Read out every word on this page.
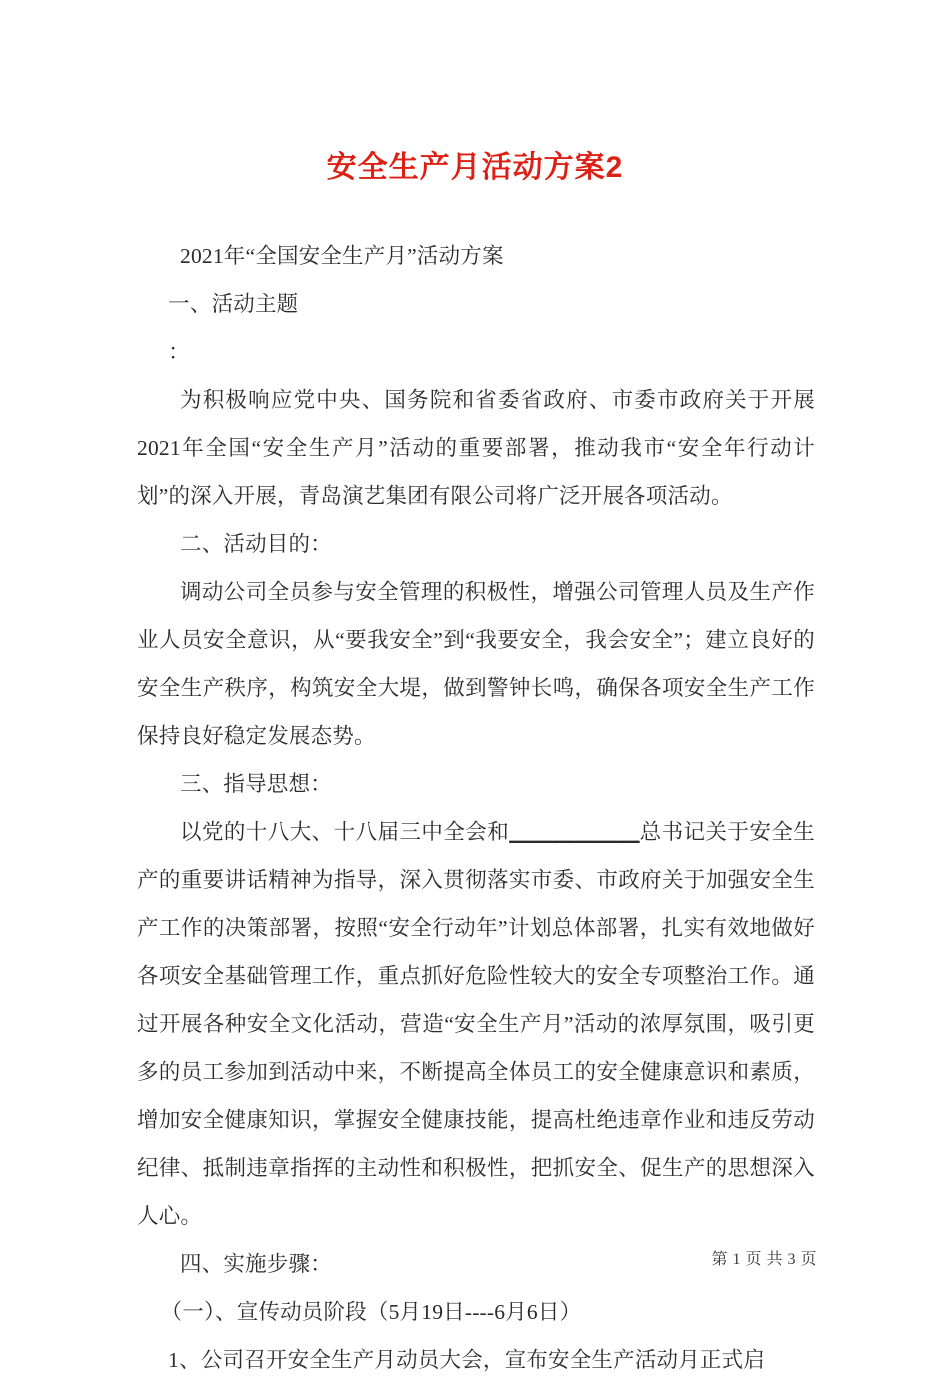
安全生产月活动方案2

2021年“全国安全生产月”活动方案

一、活动主题

：

为积极响应党中央、国务院和省委省政府、市委市政府关于开展2021年全国“安全生产月”活动的重要部署，推动我市“安全年行动计划”的深入开展，青岛演艺集团有限公司将广泛开展各项活动。

二、活动目的：

调动公司全员参与安全管理的积极性，增强公司管理人员及生产作业人员安全意识，从“要我安全”到“我要安全，我会安全”；建立良好的安全生产秩序，构筑安全大堤，做到警钟长鸣，确保各项安全生产工作保持良好稳定发展态势。

三、指导思想：

以党的十八大、十八届三中全会和＿＿＿＿＿＿总书记关于安全生产的重要讲话精神为指导，深入贯彻落实市委、市政府关于加强安全生产工作的决策部署，按照“安全行动年”计划总体部署，扎实有效地做好各项安全基础管理工作，重点抓好危险性较大的安全专项整治工作。通过开展各种安全文化活动，营造“安全生产月”活动的浓厚氛围，吸引更多的员工参加到活动中来，不断提高全体员工的安全健康意识和素质，增加安全健康知识，掌握安全健康技能，提高杜绝违章作业和违反劳动纪律、抵制违章指挥的主动性和积极性，把抓安全、促生产的思想深入人心。

四、实施步骤：

（一）、宣传动员阶段（5月19日----6月6日）

1、公司召开安全生产月动员大会，宣布安全生产活动月正式启

第 1 页 共 3 页
